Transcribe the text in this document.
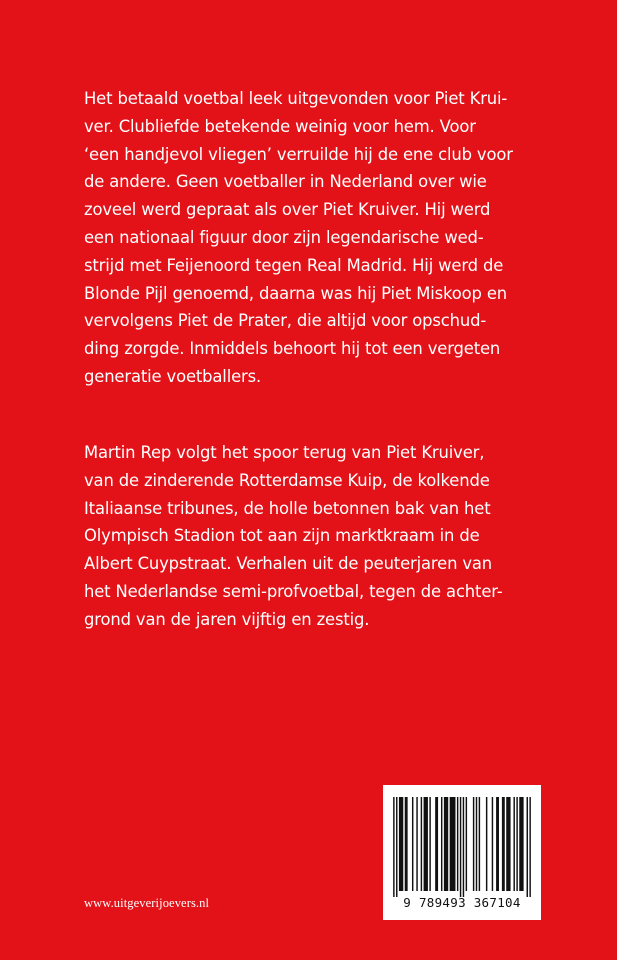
Het betaald voetbal leek uitgevonden voor Piet Krui-
ver. Clubliefde betekende weinig voor hem. Voor
‘een handjevol vliegen’ verruilde hij de ene club voor
de andere. Geen voetballer in Nederland over wie
zoveel werd gepraat als over Piet Kruiver. Hij werd
een nationaal figuur door zijn legendarische wed-
strijd met Feijenoord tegen Real Madrid. Hij werd de
Blonde Pijl genoemd, daarna was hij Piet Miskoop en
vervolgens Piet de Prater, die altijd voor opschud-
ding zorgde. Inmiddels behoort hij tot een vergeten
generatie voetballers.

Martin Rep volgt het spoor terug van Piet Kruiver,
van de zinderende Rotterdamse Kuip, de kolkende
Italiaanse tribunes, de holle betonnen bak van het
Olympisch Stadion tot aan zijn marktkraam in de
Albert Cuypstraat. Verhalen uit de peuterjaren van
het Nederlandse semi-profvoetbal, tegen de achter-
grond van de jaren vijftig en zestig.

www.uitgeverijoevers.nl	9 789493 367104
